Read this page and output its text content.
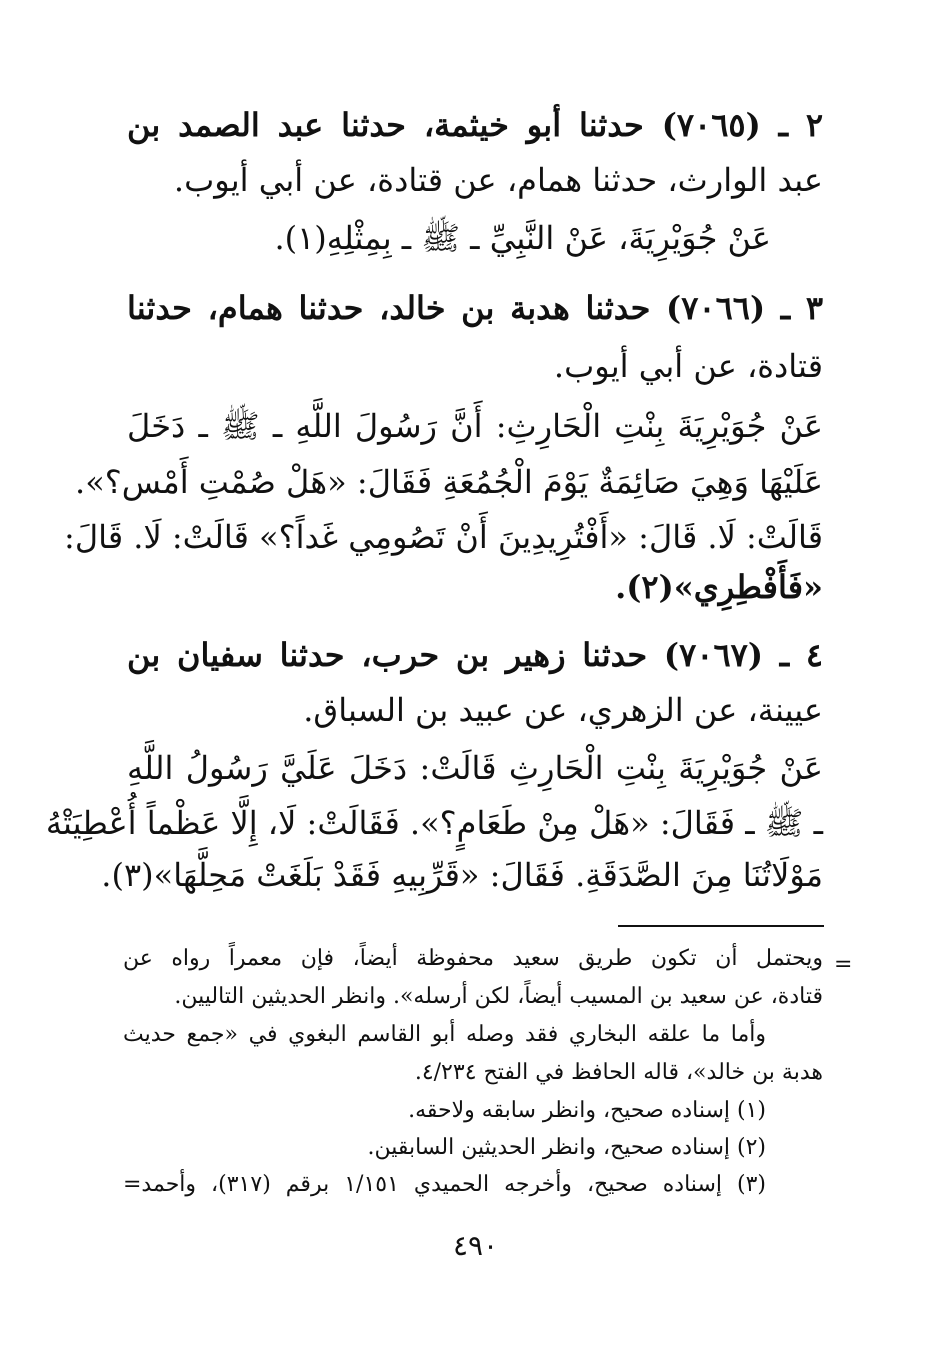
٢ ـ (٧٠٦٥) حدثنا أبو خيثمة، حدثنا عبد الصمد بن
عبد الوارث، حدثنا همام، عن قتادة، عن أبي أيوب.
عَنْ جُوَيْرِيَةَ، عَنْ النَّبِيِّ ـ ﷺ ـ بِمِثْلِهِ(١).
٣ ـ (٧٠٦٦) حدثنا هدبة بن خالد، حدثنا همام، حدثنا
قتادة، عن أبي أيوب.
عَنْ جُوَيْرِيَةَ بِنْتِ الْحَارِثِ: أَنَّ رَسُولَ اللَّهِ ـ ﷺ ـ دَخَلَ
عَلَيْهَا وَهِيَ صَائِمَةٌ يَوْمَ الْجُمُعَةِ فَقَالَ: «هَلْ صُمْتِ أَمْس؟».
قَالَتْ: لَا. قَالَ: «أَفْتُرِيدِينَ أَنْ تَصُومِي غَداً؟» قَالَتْ: لَا. قَالَ:
«فَأَفْطِرِي»(٢).
٤ ـ (٧٠٦٧) حدثنا زهير بن حرب، حدثنا سفيان بن
عيينة، عن الزهري، عن عبيد بن السباق.
عَنْ جُوَيْرِيَةَ بِنْتِ الْحَارِثِ قَالَتْ: دَخَلَ عَلَيَّ رَسُولُ اللَّهِ
ـ ﷺ ـ فَقَالَ: «هَلْ مِنْ طَعَامٍ؟». فَقَالَتْ: لَا، إِلَّا عَظْماً أُعْطِيَتْهُ
مَوْلَاتُنَا مِنَ الصَّدَقَةِ. فَقَالَ: «قَرِّبِيهِ فَقَدْ بَلَغَتْ مَحِلَّهَا»(٣).
=
ويحتمل أن تكون طريق سعيد محفوظة أيضاً، فإن معمراً رواه عن
قتادة، عن سعيد بن المسيب أيضاً، لكن أرسله». وانظر الحديثين التاليين.
وأما ما علقه البخاري فقد وصله أبو القاسم البغوي في «جمع حديث
هدبة بن خالد»، قاله الحافظ في الفتح ٤/٢٣٤.
(١) إسناده صحيح، وانظر سابقه ولاحقه.
(٢) إسناده صحيح، وانظر الحديثين السابقين.
(٣) إسناده صحيح، وأخرجه الحميدي ١/١٥١ برقم (٣١٧)، وأحمد=
٤٩٠
